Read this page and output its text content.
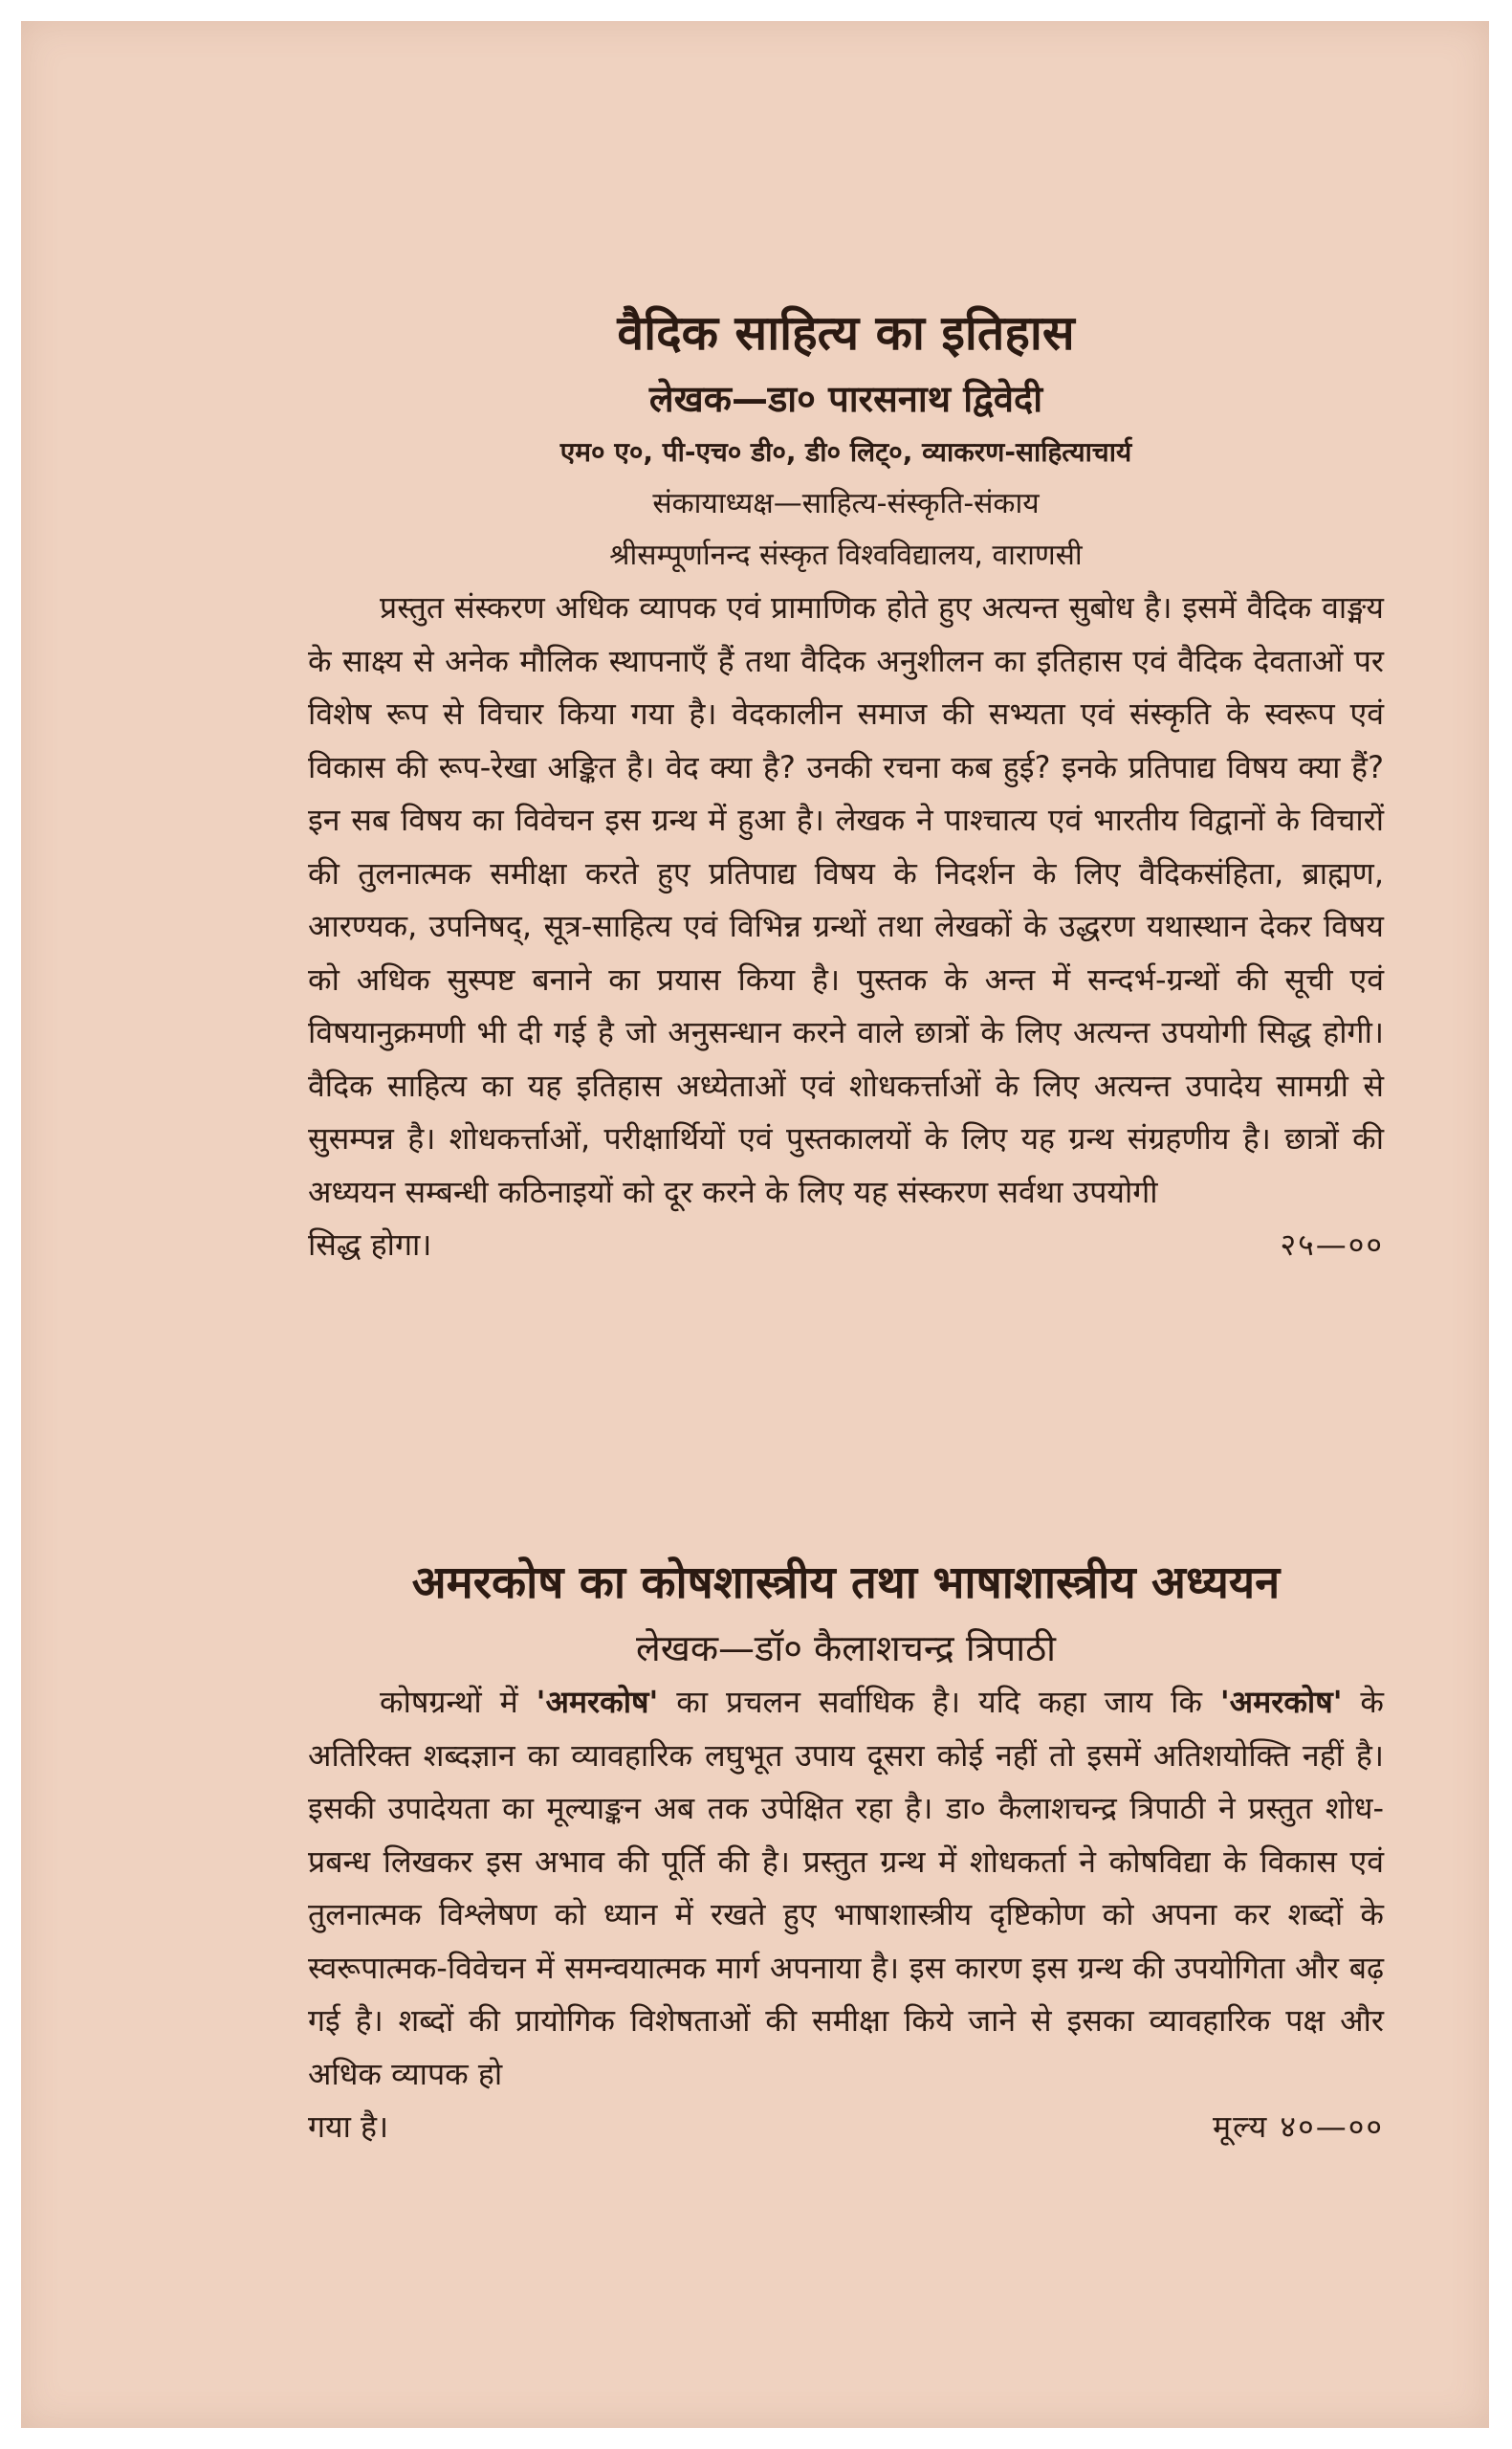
वैदिक साहित्य का इतिहास

लेखक—डा० पारसनाथ द्विवेदी

एम० ए०, पी-एच० डी०, डी० लिट्०, व्याकरण-साहित्याचार्य

संकायाध्यक्ष—साहित्य-संस्कृति-संकाय

श्रीसम्पूर्णानन्द संस्कृत विश्वविद्यालय, वाराणसी

प्रस्तुत संस्करण अधिक व्यापक एवं प्रामाणिक होते हुए अत्यन्त सुबोध है। इसमें वैदिक वाङ्मय के साक्ष्य से अनेक मौलिक स्थापनाएँ हैं तथा वैदिक अनुशीलन का इतिहास एवं वैदिक देवताओं पर विशेष रूप से विचार किया गया है। वेदकालीन समाज की सभ्यता एवं संस्कृति के स्वरूप एवं विकास की रूप-रेखा अङ्कित है। वेद क्या है? उनकी रचना कब हुई? इनके प्रतिपाद्य विषय क्या हैं? इन सब विषय का विवेचन इस ग्रन्थ में हुआ है। लेखक ने पाश्चात्य एवं भारतीय विद्वानों के विचारों की तुलनात्मक समीक्षा करते हुए प्रतिपाद्य विषय के निदर्शन के लिए वैदिकसंहिता, ब्राह्मण, आरण्यक, उपनिषद्, सूत्र-साहित्य एवं विभिन्न ग्रन्थों तथा लेखकों के उद्धरण यथास्थान देकर विषय को अधिक सुस्पष्ट बनाने का प्रयास किया है। पुस्तक के अन्त में सन्दर्भ-ग्रन्थों की सूची एवं विषयानुक्रमणी भी दी गई है जो अनुसन्धान करने वाले छात्रों के लिए अत्यन्त उपयोगी सिद्ध होगी। वैदिक साहित्य का यह इतिहास अध्येताओं एवं शोधकर्त्ताओं के लिए अत्यन्त उपादेय सामग्री से सुसम्पन्न है। शोधकर्त्ताओं, परीक्षार्थियों एवं पुस्तकालयों के लिए यह ग्रन्थ संग्रहणीय है। छात्रों की अध्ययन सम्बन्धी कठिनाइयों को दूर करने के लिए यह संस्करण सर्वथा उपयोगी

सिद्ध होगा।	२५—००
अमरकोष का कोषशास्त्रीय तथा भाषाशास्त्रीय अध्ययन

लेखक—डॉ० कैलाशचन्द्र त्रिपाठी

कोषग्रन्थों में 'अमरकोष' का प्रचलन सर्वाधिक है। यदि कहा जाय कि 'अमरकोष' के अतिरिक्त शब्दज्ञान का व्यावहारिक लघुभूत उपाय दूसरा कोई नहीं तो इसमें अतिशयोक्ति नहीं है। इसकी उपादेयता का मूल्याङ्कन अब तक उपेक्षित रहा है। डा० कैलाशचन्द्र त्रिपाठी ने प्रस्तुत शोध-प्रबन्ध लिखकर इस अभाव की पूर्ति की है। प्रस्तुत ग्रन्थ में शोधकर्ता ने कोषविद्या के विकास एवं तुलनात्मक विश्लेषण को ध्यान में रखते हुए भाषाशास्त्रीय दृष्टिकोण को अपना कर शब्दों के स्वरूपात्मक-विवेचन में समन्वयात्मक मार्ग अपनाया है। इस कारण इस ग्रन्थ की उपयोगिता और बढ़ गई है। शब्दों की प्रायोगिक विशेषताओं की समीक्षा किये जाने से इसका व्यावहारिक पक्ष और अधिक व्यापक हो

गया है।	मूल्य ४०—००
